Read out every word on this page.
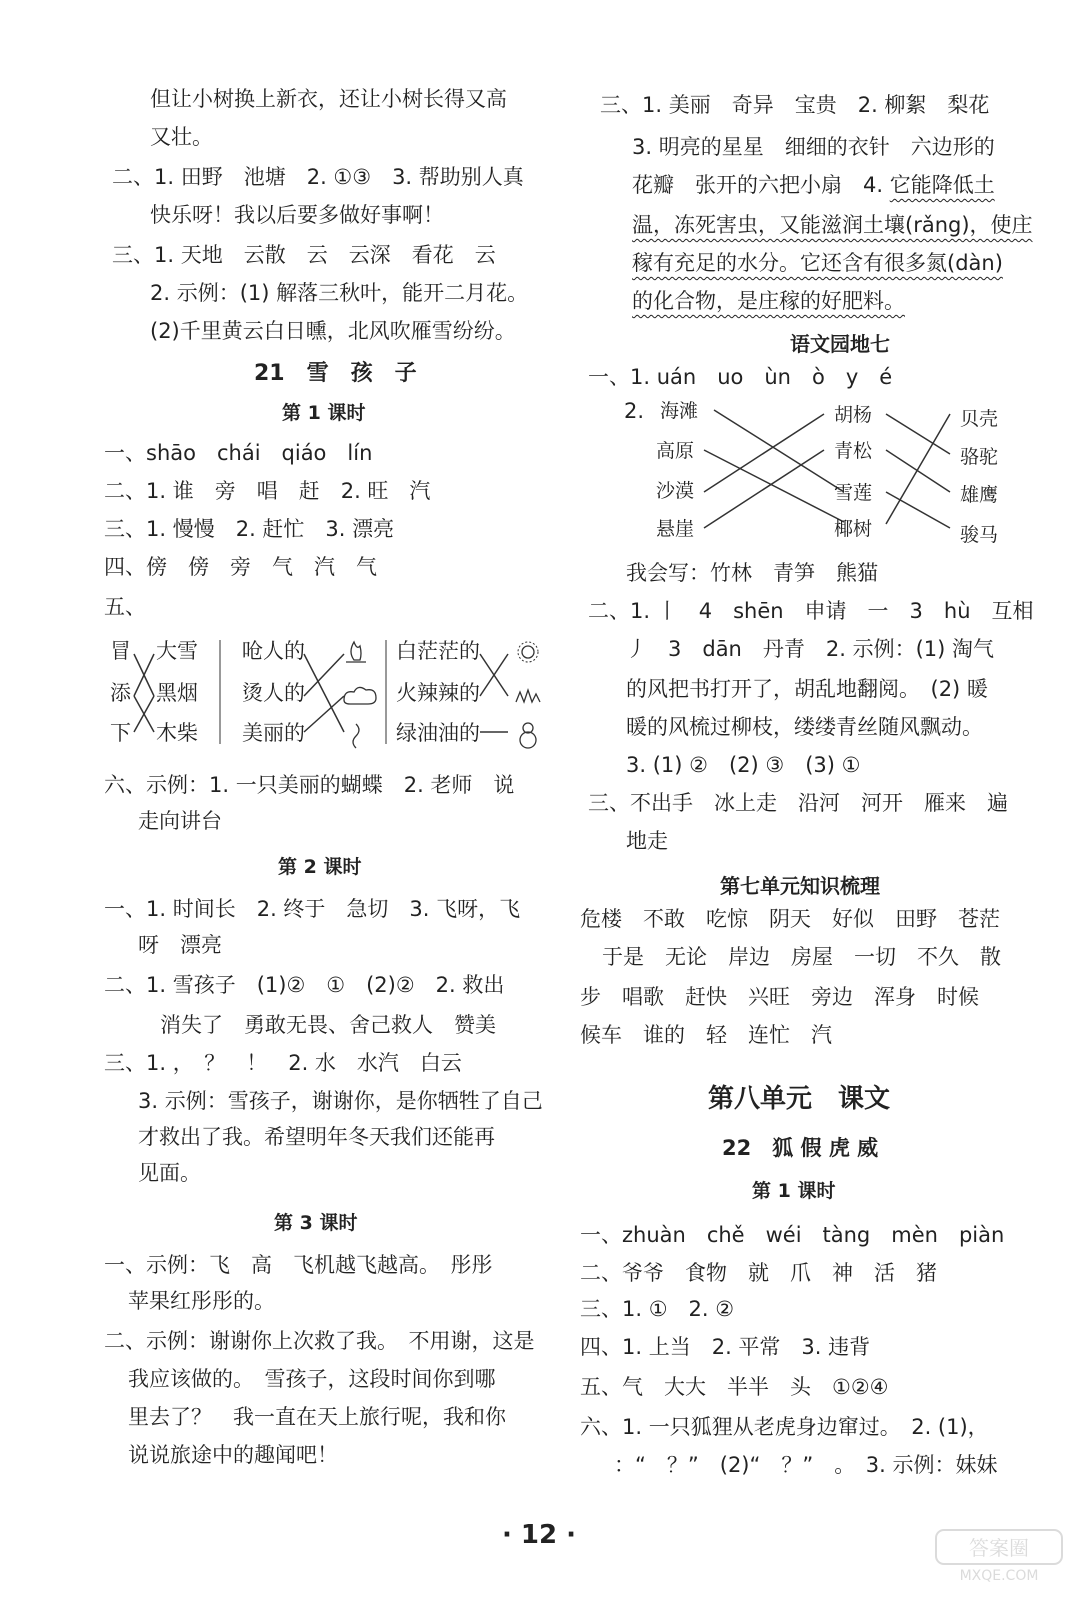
但让小树换上新衣，还让小树长得又高
又壮。
二、1. 田野　池塘　2. ①③　3. 帮助别人真
快乐呀！我以后要多做好事啊！
三、1. 天地　云散　云　云深　看花　云
2. 示例：(1) 解落三秋叶，能开二月花。
(2)千里黄云白日曛，北风吹雁雪纷纷。
21　雪　孩　子
第 1 课时
一、shāo　chái　qiáo　lín
二、1. 谁　旁　唱　赶　2. 旺　汽
三、1. 慢慢　2. 赶忙　3. 漂亮
四、傍　傍　旁　气　汽　气
五、
冒
添
下
大雪
黑烟
木柴
呛人的
烫人的
美丽的
白茫茫的
火辣辣的
绿油油的
六、示例：1. 一只美丽的蝴蝶　2. 老师　说
走向讲台
第 2 课时
一、1. 时间长　2. 终于　急切　3. 飞呀，飞
呀　漂亮
二、1. 雪孩子　(1)②　①　(2)②　2. 救出
消失了　勇敢无畏、舍己救人　赞美
三、1. ，　？　！　2. 水　水汽　白云
3. 示例：雪孩子，谢谢你，是你牺牲了自己
才救出了我。希望明年冬天我们还能再
见面。
第 3 课时
一、示例：飞　高　飞机越飞越高。　彤彤
苹果红彤彤的。
二、示例：谢谢你上次救了我。　不用谢，这是
我应该做的。　雪孩子，这段时间你到哪
里去了？　我一直在天上旅行呢，我和你
说说旅途中的趣闻吧！
三、1. 美丽　奇异　宝贵　2. 柳絮　梨花
3. 明亮的星星　细细的衣针　六边形的
花瓣　张开的六把小扇　4. 它能降低土
温，冻死害虫，又能滋润土壤(rǎng)，使庄
稼有充足的水分。它还含有很多氮(dàn)
的化合物，是庄稼的好肥料。
语文园地七
一、1. uán　uo　ùn　ò　y　é
2. 海滩
高原
沙漠
悬崖
胡杨
青松
雪莲
椰树
贝壳
骆驼
雄鹰
骏马
我会写：竹林　青笋　熊猫
二、1. 丨　4　shēn　申请　一　3　hù　互相
丿　3　dān　丹青　2. 示例：(1) 淘气
的风把书打开了，胡乱地翻阅。　(2) 暖
暖的风梳过柳枝，缕缕青丝随风飘动。
3. (1) ②　(2) ③　(3) ①
三、不出手　冰上走　沿河　河开　雁来　遍
地走
第七单元知识梳理
危楼　不敢　吃惊　阴天　好似　田野　苍茫
于是　无论　岸边　房屋　一切　不久　散
步　唱歌　赶快　兴旺　旁边　浑身　时候
候车　谁的　轻　连忙　汽
第八单元　课文
22　狐 假 虎 威
第 1 课时
一、zhuàn　chě　wéi　tàng　mèn　piàn
二、爷爷　食物　就　爪　神　活　猪
三、1. ①　2. ②
四、1. 上当　2. 平常　3. 违背
五、气　大大　半半　头　①②④
六、1. 一只狐狸从老虎身边窜过。　2. (1)，
：“　？”　(2)“　？”　。　3. 示例：妹妹
· 12 ·	答案圈
MXQE.COM
